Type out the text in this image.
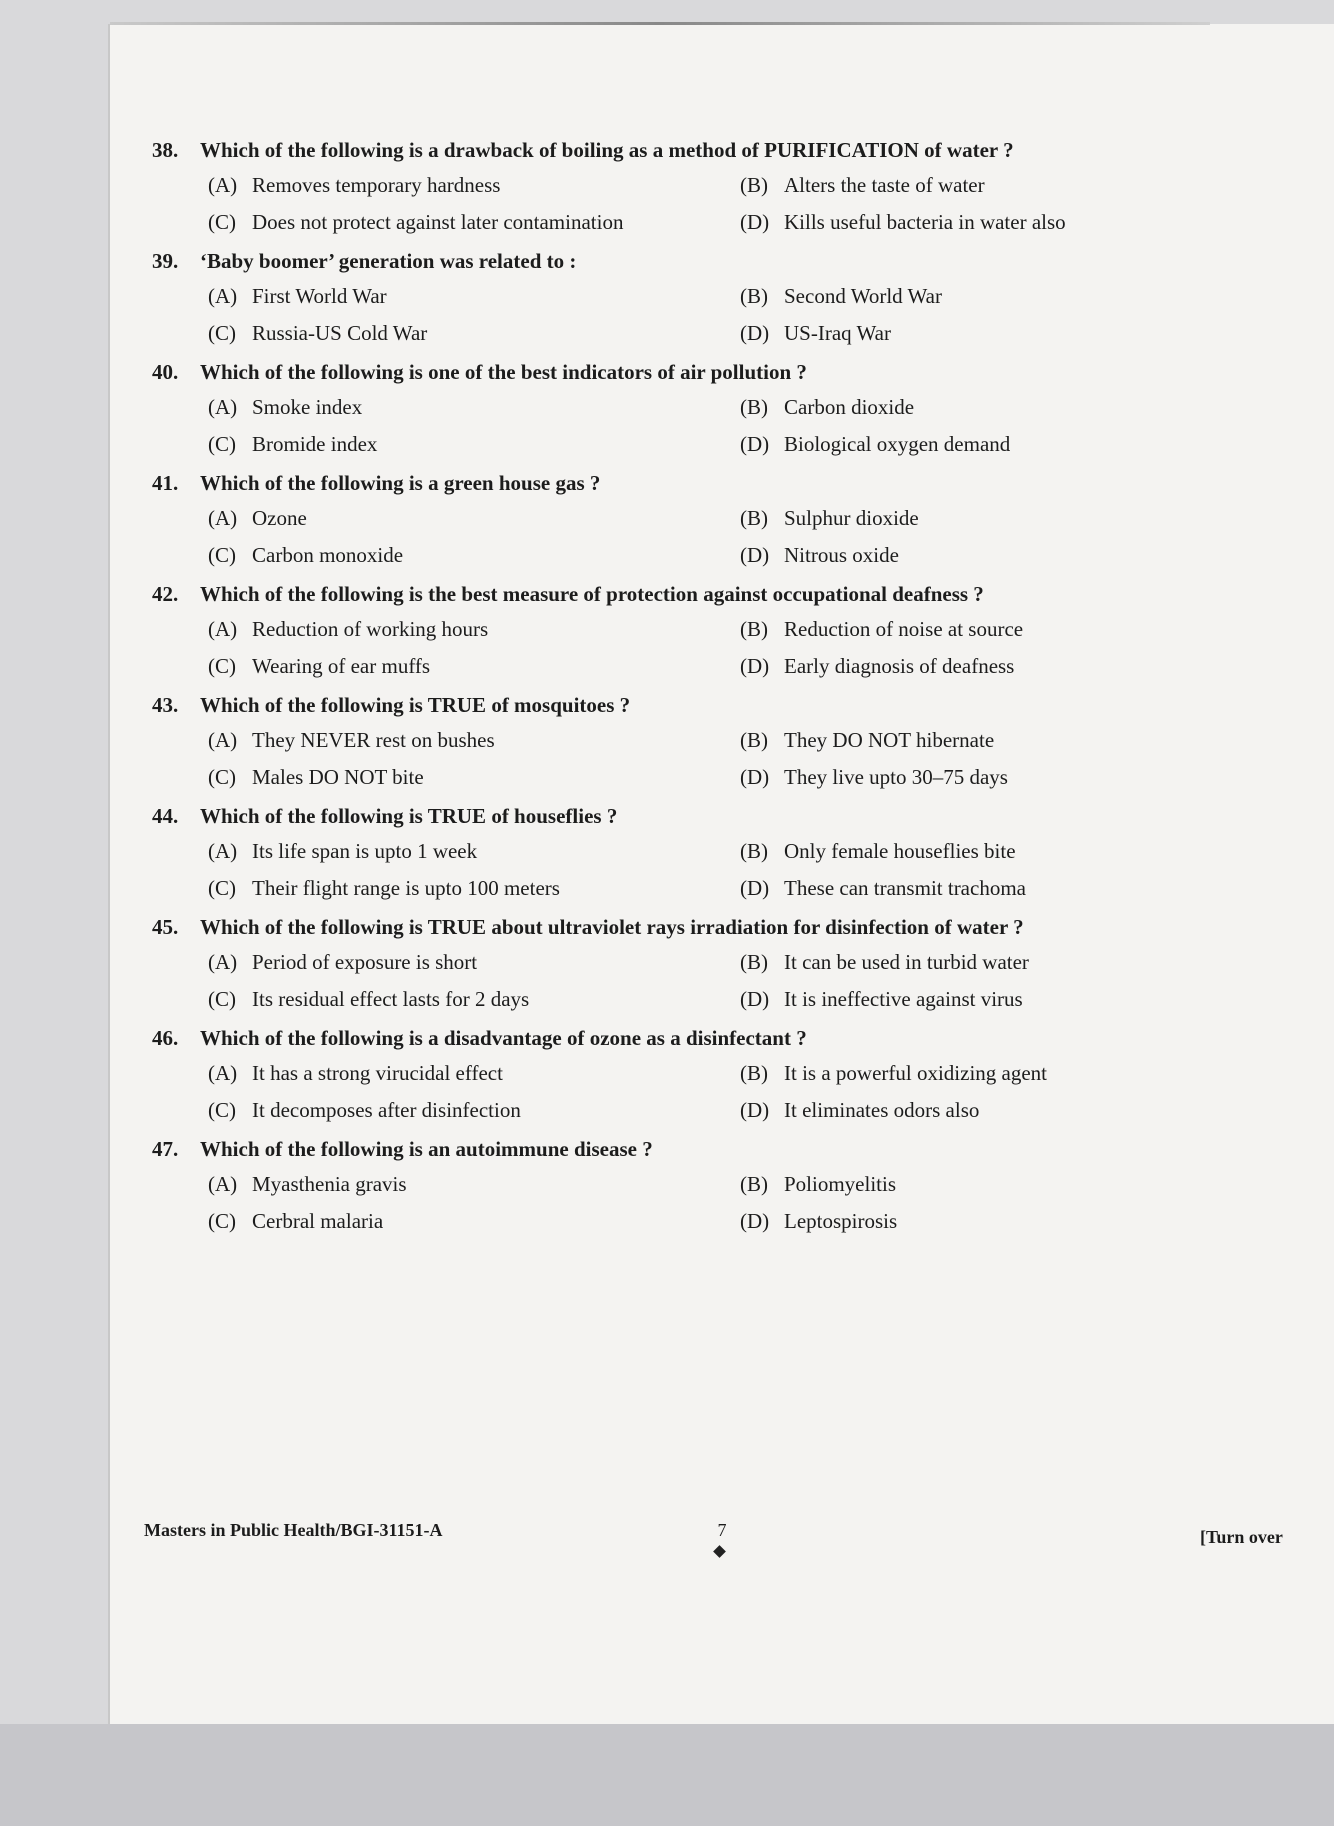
38.	Which of the following is a drawback of boiling as a method of PURIFICATION of water ?
(A) Removes temporary hardness	(B) Alters the taste of water
(C) Does not protect against later contamination	(D) Kills useful bacteria in water also
39.	‘Baby boomer’ generation was related to :
(A) First World War	(B) Second World War
(C) Russia-US Cold War	(D) US-Iraq War
40.	Which of the following is one of the best indicators of air pollution ?
(A) Smoke index	(B) Carbon dioxide
(C) Bromide index	(D) Biological oxygen demand
41.	Which of the following is a green house gas ?
(A) Ozone	(B) Sulphur dioxide
(C) Carbon monoxide	(D) Nitrous oxide
42.	Which of the following is the best measure of protection against occupational deafness ?
(A) Reduction of working hours	(B) Reduction of noise at source
(C) Wearing of ear muffs	(D) Early diagnosis of deafness
43.	Which of the following is TRUE of mosquitoes ?
(A) They NEVER rest on bushes	(B) They DO NOT hibernate
(C) Males DO NOT bite	(D) They live upto 30–75 days
44.	Which of the following is TRUE of houseflies ?
(A) Its life span is upto 1 week	(B) Only female houseflies bite
(C) Their flight range is upto 100 meters	(D) These can transmit trachoma
45.	Which of the following is TRUE about ultraviolet rays irradiation for disinfection of water ?
(A) Period of exposure is short	(B) It can be used in turbid water
(C) Its residual effect lasts for 2 days	(D) It is ineffective against virus
46.	Which of the following is a disadvantage of ozone as a disinfectant ?
(A) It has a strong virucidal effect	(B) It is a powerful oxidizing agent
(C) It decomposes after disinfection	(D) It eliminates odors also
47.	Which of the following is an autoimmune disease ?
(A) Myasthenia gravis	(B) Poliomyelitis
(C) Cerbral malaria	(D) Leptospirosis
Masters in Public Health/BGI-31151-A	7	[Turn over
